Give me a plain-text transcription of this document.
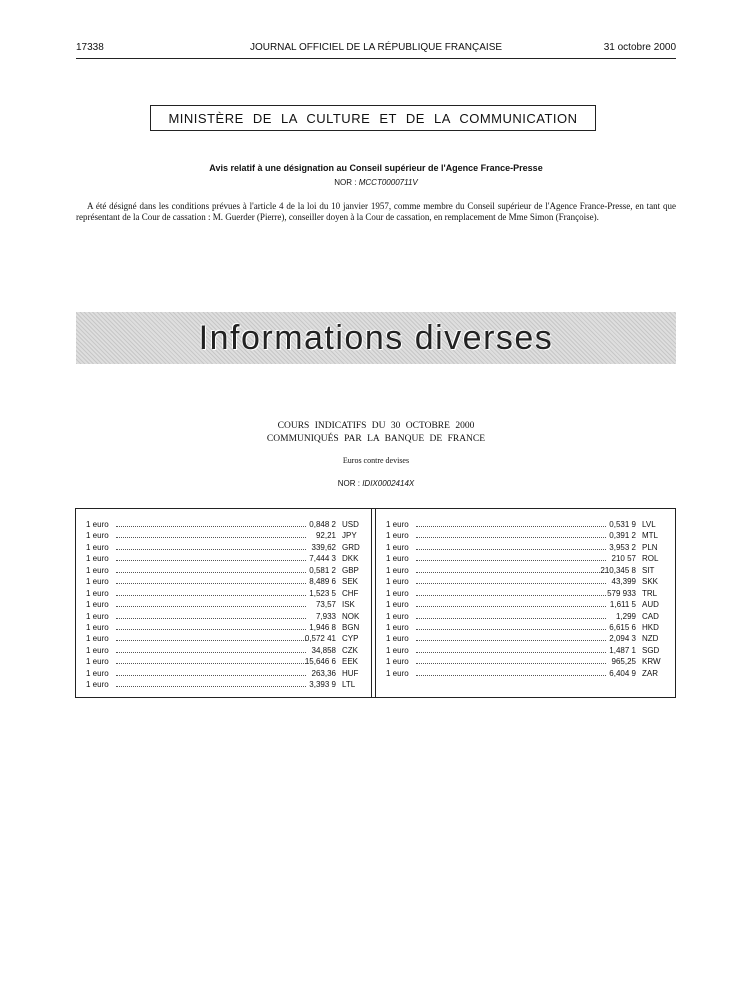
17338	JOURNAL OFFICIEL DE LA RÉPUBLIQUE FRANÇAISE	31 octobre 2000
MINISTÈRE DE LA CULTURE ET DE LA COMMUNICATION
Avis relatif à une désignation au Conseil supérieur de l'Agence France-Presse
NOR : MCCT0000711V
A été désigné dans les conditions prévues à l'article 4 de la loi du 10 janvier 1957, comme membre du Conseil supérieur de l'Agence France-Presse, en tant que représentant de la Cour de cassation : M. Guerder (Pierre), conseiller doyen à la Cour de cassation, en remplacement de Mme Simon (Françoise).
Informations diverses
COURS INDICATIFS DU 30 OCTOBRE 2000
COMMUNIQUÉS PAR LA BANQUE DE FRANCE
Euros contre devises
NOR : IDIX0002414X
1 euro	0,848 2 USD
1 euro	92,21 JPY
1 euro	339,62 GRD
1 euro	7,444 3 DKK
1 euro	0,581 2 GBP
1 euro	8,489 6 SEK
1 euro	1,523 5 CHF
1 euro	73,57 ISK
1 euro	7,933 NOK
1 euro	1,946 8 BGN
1 euro	0,572 41 CYP
1 euro	34,858 CZK
1 euro	15,646 6 EEK
1 euro	263,36 HUF
1 euro	3,393 9 LTL
1 euro	0,531 9 LVL
1 euro	0,391 2 MTL
1 euro	3,953 2 PLN
1 euro	210 57 ROL
1 euro	210,345 8 SIT
1 euro	43,399 SKK
1 euro	579 933 TRL
1 euro	1,611 5 AUD
1 euro	1,299 CAD
1 euro	6,615 6 HKD
1 euro	2,094 3 NZD
1 euro	1,487 1 SGD
1 euro	965,25 KRW
1 euro	6,404 9 ZAR
